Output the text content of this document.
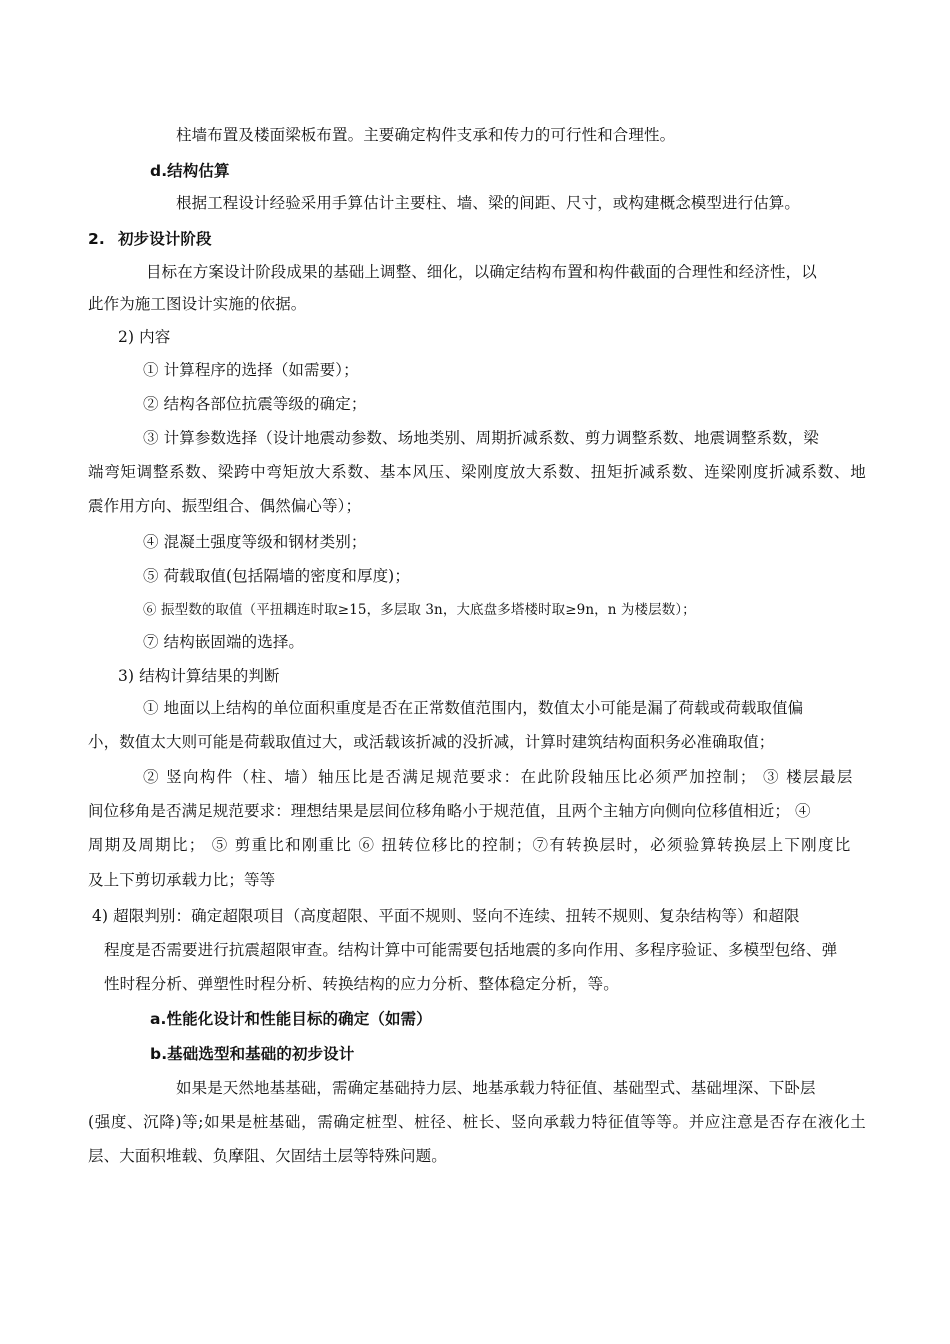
柱墙布置及楼面梁板布置。主要确定构件支承和传力的可行性和合理性。
d.结构估算
根据工程设计经验采用手算估计主要柱、墙、梁的间距、尺寸，或构建概念模型进行估算。
2. 初步设计阶段
目标在方案设计阶段成果的基础上调整、细化，以确定结构布置和构件截面的合理性和经济性，以
此作为施工图设计实施的依据。
2) 内容
① 计算程序的选择（如需要）；
② 结构各部位抗震等级的确定；
③ 计算参数选择（设计地震动参数、场地类别、周期折减系数、剪力调整系数、地震调整系数，梁
端弯矩调整系数、梁跨中弯矩放大系数、基本风压、梁刚度放大系数、扭矩折减系数、连梁刚度折减系数、地
震作用方向、振型组合、偶然偏心等）；
④ 混凝土强度等级和钢材类别；
⑤ 荷载取值(包括隔墙的密度和厚度)；
⑥ 振型数的取值（平扭耦连时取≥15，多层取 3n，大底盘多塔楼时取≥9n，n 为楼层数）；
⑦ 结构嵌固端的选择。
3) 结构计算结果的判断
① 地面以上结构的单位面积重度是否在正常数值范围内，数值太小可能是漏了荷载或荷载取值偏
小，数值太大则可能是荷载取值过大，或活载该折减的没折减，计算时建筑结构面积务必准确取值；
② 竖向构件（柱、墙）轴压比是否满足规范要求：在此阶段轴压比必须严加控制； ③ 楼层最层
间位移角是否满足规范要求：理想结果是层间位移角略小于规范值，且两个主轴方向侧向位移值相近； ④
周期及周期比； ⑤ 剪重比和刚重比 ⑥ 扭转位移比的控制；⑦有转换层时，必须验算转换层上下刚度比
及上下剪切承载力比；等等
4) 超限判别：确定超限项目（高度超限、平面不规则、竖向不连续、扭转不规则、复杂结构等）和超限
程度是否需要进行抗震超限审查。结构计算中可能需要包括地震的多向作用、多程序验证、多模型包络、弹
性时程分析、弹塑性时程分析、转换结构的应力分析、整体稳定分析，等。
a.性能化设计和性能目标的确定（如需）
b.基础选型和基础的初步设计
如果是天然地基基础，需确定基础持力层、地基承载力特征值、基础型式、基础埋深、下卧层
(强度、沉降)等;如果是桩基础，需确定桩型、桩径、桩长、竖向承载力特征值等等。并应注意是否存在液化土
层、大面积堆载、负摩阻、欠固结土层等特殊问题。
